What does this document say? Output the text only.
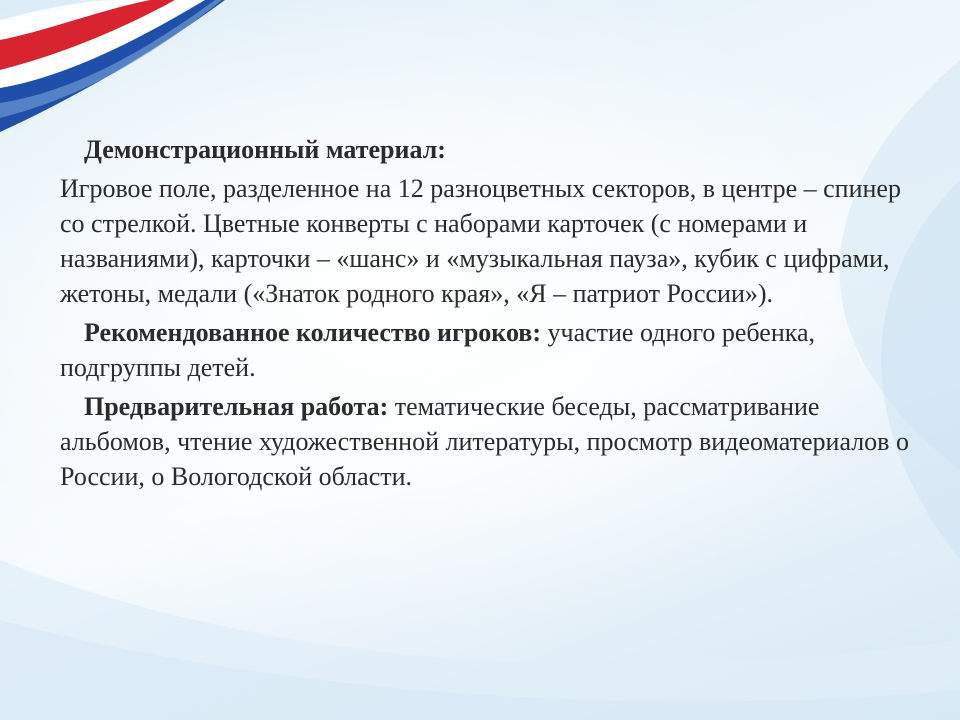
Демонстрационный материал:

Игровое поле, разделенное на 12 разноцветных секторов, в центре – спинер со стрелкой. Цветные конверты с наборами карточек (с номерами и названиями), карточки – «шанс» и «музыкальная пауза», кубик с цифрами, жетоны, медали («Знаток родного края», «Я – патриот России»).

Рекомендованное количество игроков: участие одного ребенка, подгруппы детей.

Предварительная работа: тематические беседы, рассматривание альбомов, чтение художественной литературы, просмотр видеоматериалов о России, о Вологодской области.
